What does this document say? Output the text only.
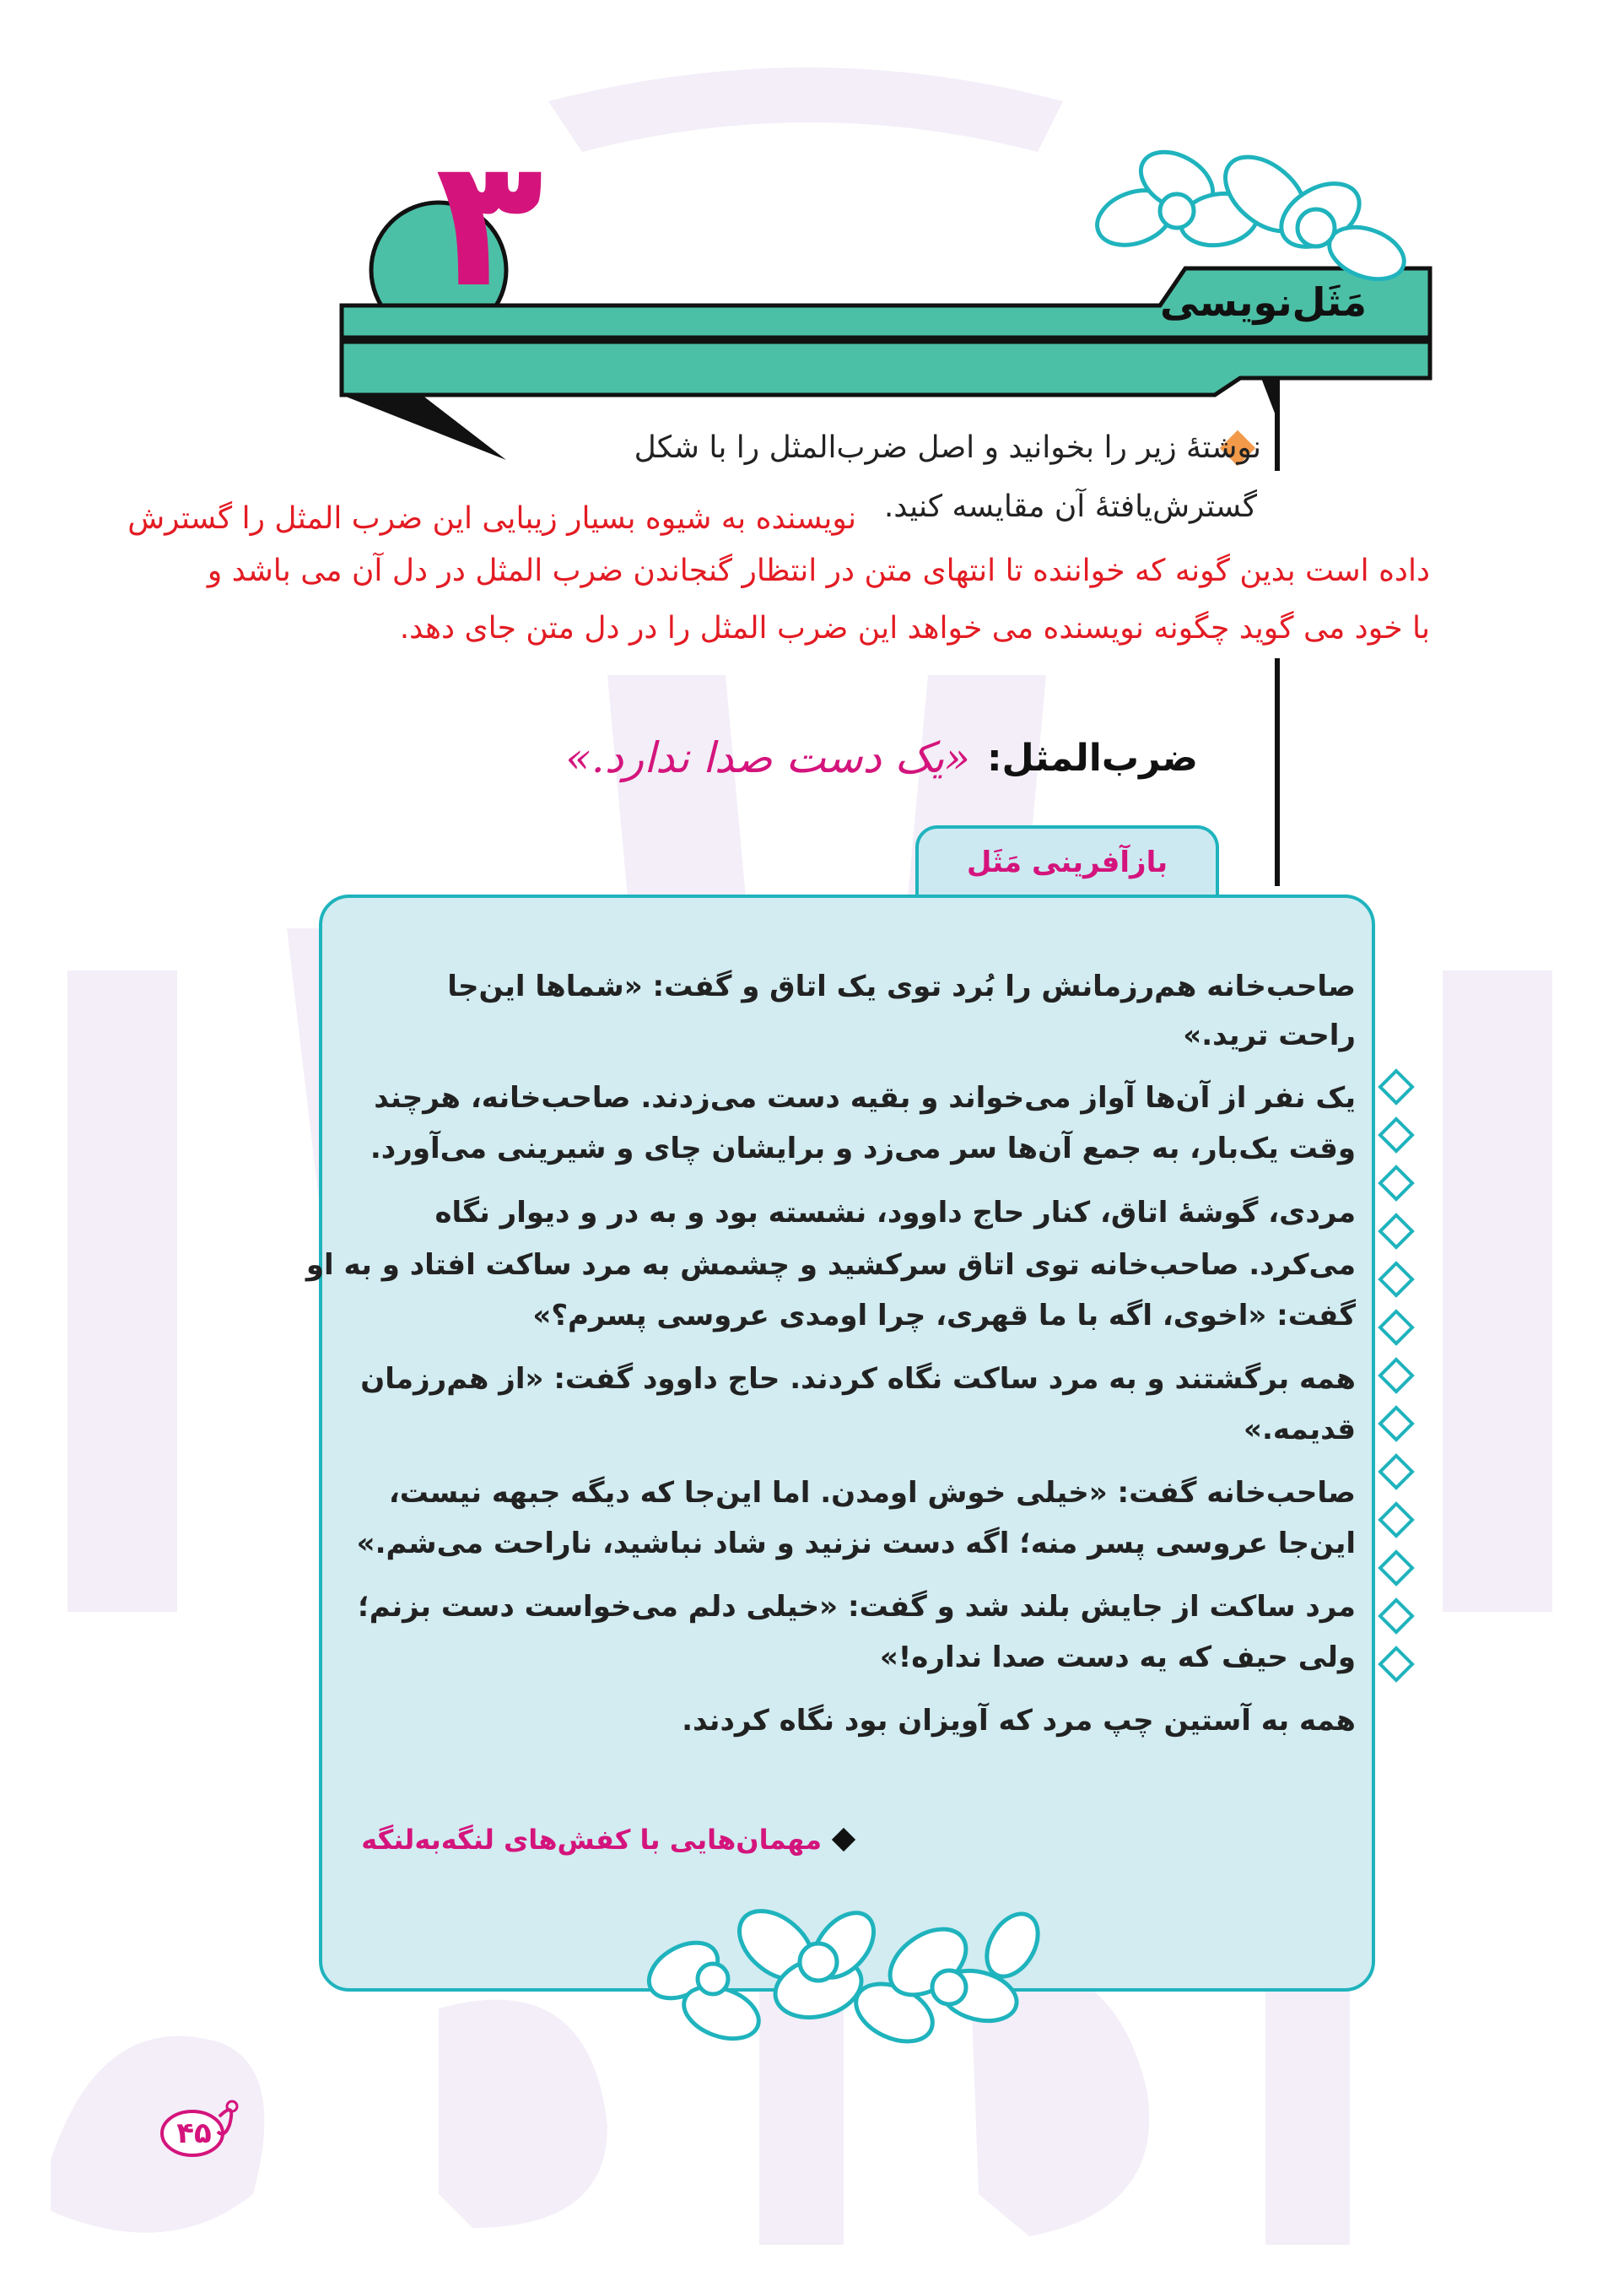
۳	مَثَل‌نویسی
نوشتهٔ زیر را بخوانید و اصل ضرب‌المثل را با شکل
گسترش‌یافتهٔ آن مقایسه کنید.
نویسنده به شیوه بسیار زیبایی این ضرب المثل را گسترش
داده است بدین گونه که خواننده تا انتهای متن در انتظار گنجاندن ضرب المثل در دل آن می باشد و
با خود می گوید چگونه نویسنده می خواهد این ضرب المثل را در دل متن جای دهد.
ضرب‌المثل:
«یک دست صدا ندارد.»
بازآفرینی مَثَل
صاحب‌خانه هم‌رزمانش را بُرد توی یک اتاق و گفت: «شماها این‌جا
راحت ترید.»
یک نفر از آن‌ها آواز می‌خواند و بقیه دست می‌زدند. صاحب‌خانه، هرچند
وقت یک‌بار، به جمع آن‌ها سر می‌زد و برایشان چای و شیرینی می‌آورد.
مردی، گوشهٔ اتاق، کنار حاج داوود، نشسته بود و به در و دیوار نگاه
می‌کرد. صاحب‌خانه توی اتاق سرکشید و چشمش به مرد ساکت افتاد و به او
گفت: «اخوی، اگه با ما قهری، چرا اومدی عروسی پسرم؟»
همه برگشتند و به مرد ساکت نگاه کردند. حاج داوود گفت: «از هم‌رزمان
قدیمه.»
صاحب‌خانه گفت: «خیلی خوش اومدن. اما این‌جا که دیگه جبهه نیست،
این‌جا عروسی پسر منه؛ اگه دست نزنید و شاد نباشید، ناراحت می‌شم.»
مرد ساکت از جایش بلند شد و گفت: «خیلی دلم می‌خواست دست بزنم؛
ولی حیف که یه دست صدا نداره!»
همه به آستین چپ مرد که آویزان بود نگاه کردند.
مهمان‌هایی با کفش‌های لنگه‌به‌لنگه
۴۵
